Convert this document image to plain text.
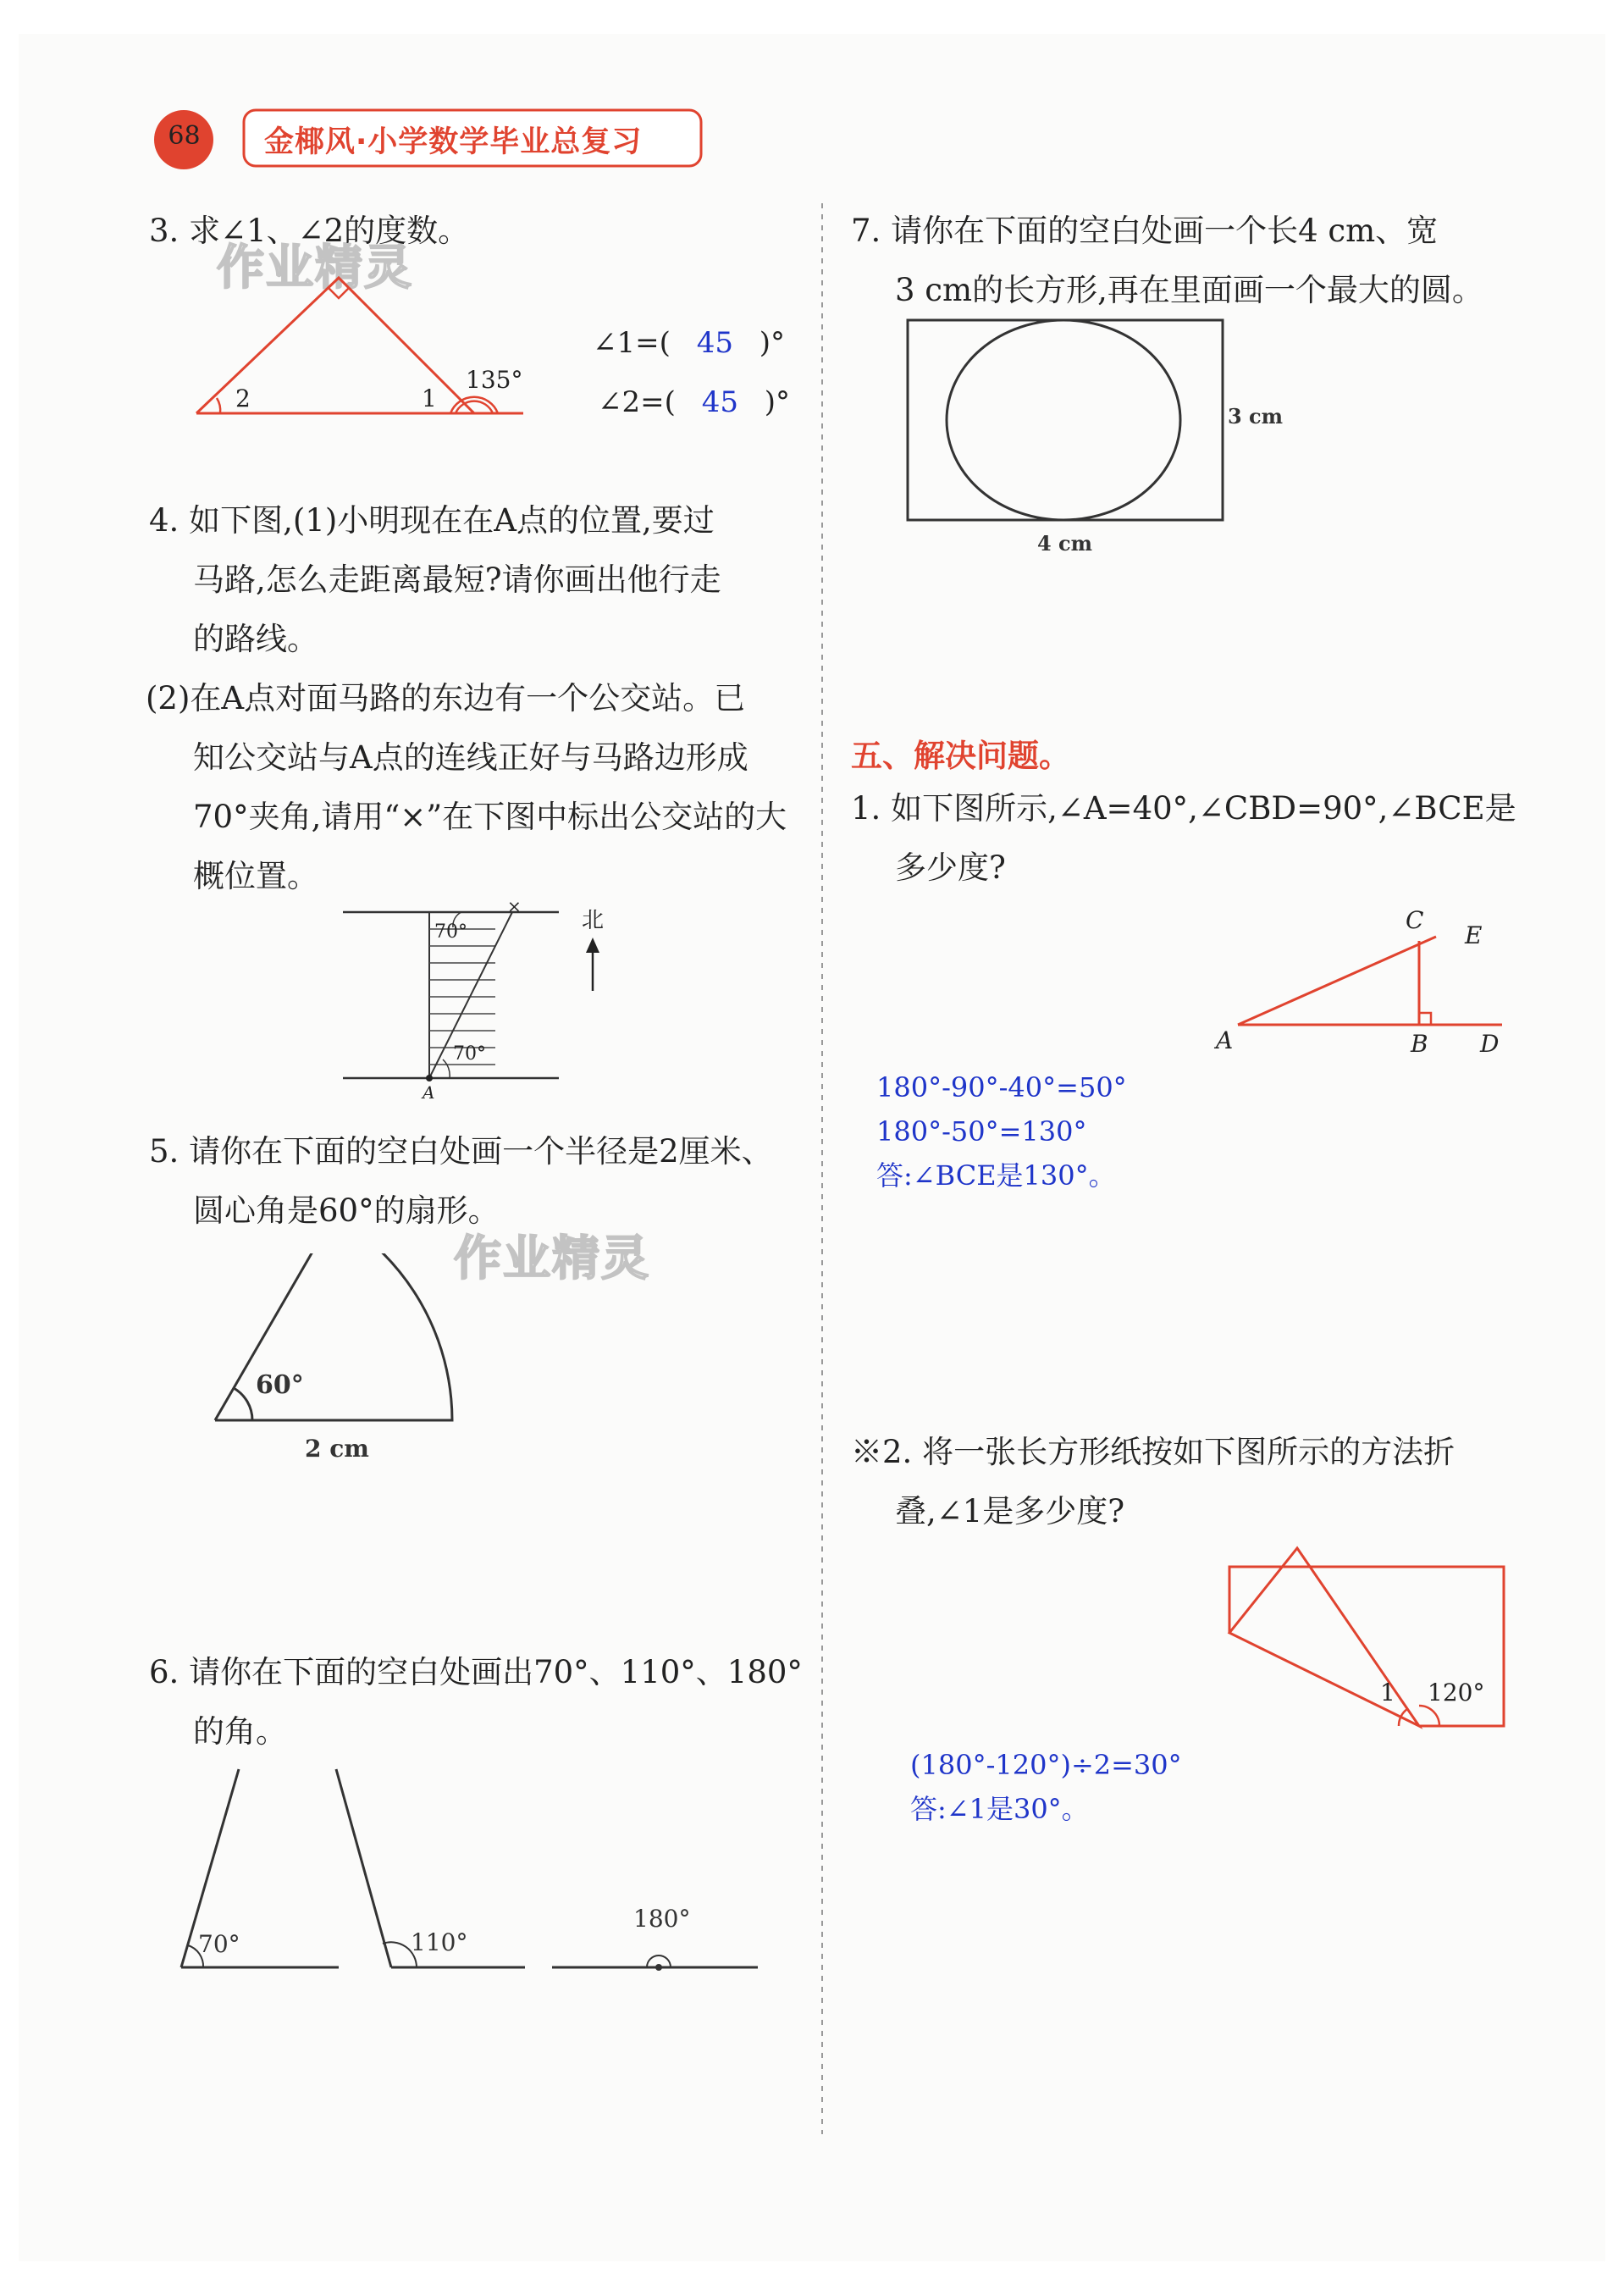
68 金椰风·小学数学毕业总复习
作业精灵
作业精灵
3. 求∠1、∠2的度数。
2	1
135°
∠1=( 45 )°
∠2=( 45 )°
4. 如下图,(1)小明现在在A点的位置,要过
马路,怎么走距离最短?请你画出他行走
的路线。
(2)在A点对面马路的东边有一个公交站。已
知公交站与A点的连线正好与马路边形成
70°夹角,请用“×”在下图中标出公交站的大
概位置。
70°
70°
×
A
北
5. 请你在下面的空白处画一个半径是2厘米、
圆心角是60°的扇形。
60°
2 cm
6. 请你在下面的空白处画出70°、110°、180°
的角。
70°	110°
180°
7. 请你在下面的空白处画一个长4 cm、宽
3 cm的长方形,再在里面画一个最大的圆。
3 cm
4 cm
五、解决问题。
1. 如下图所示,∠A=40°,∠CBD=90°,∠BCE是
多少度?
A	B
C
D
E
180°-90°-40°=50°
180°-50°=130°
答:∠BCE是130°。
※2. 将一张长方形纸按如下图所示的方法折
叠,∠1是多少度?
1 120°
(180°-120°)÷2=30°
答:∠1是30°。
